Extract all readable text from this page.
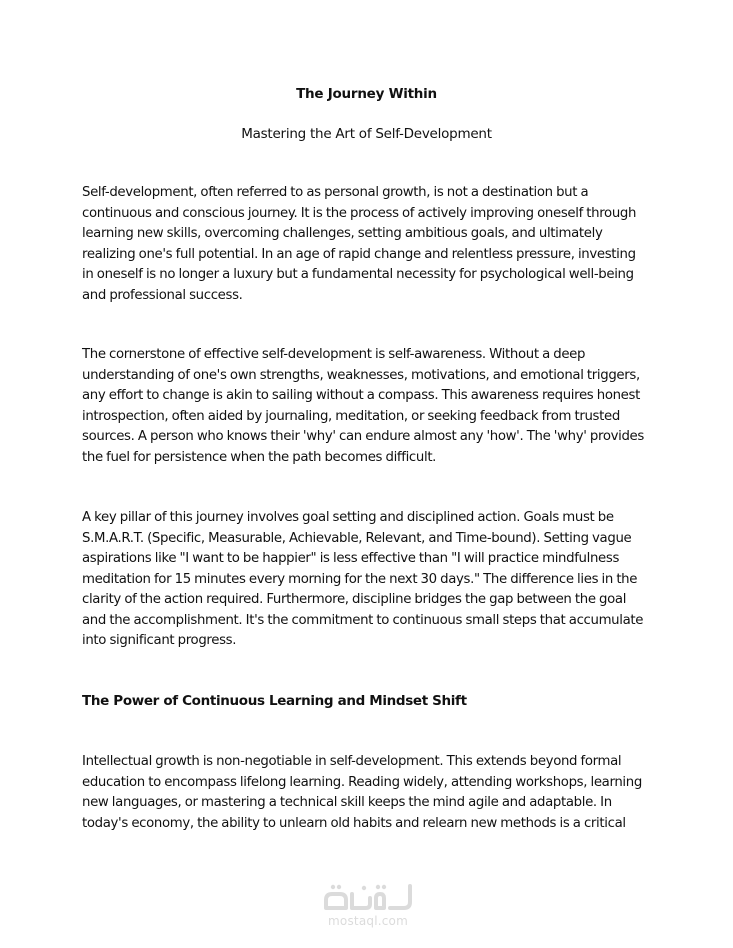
The Journey Within
Mastering the Art of Self-Development

Self-development, often referred to as personal growth, is not a destination but a continuous and conscious journey. It is the process of actively improving oneself through learning new skills, overcoming challenges, setting ambitious goals, and ultimately realizing one's full potential. In an age of rapid change and relentless pressure, investing in oneself is no longer a luxury but a fundamental necessity for psychological well-being and professional success.

The cornerstone of effective self-development is self-awareness. Without a deep understanding of one's own strengths, weaknesses, motivations, and emotional triggers, any effort to change is akin to sailing without a compass. This awareness requires honest introspection, often aided by journaling, meditation, or seeking feedback from trusted sources. A person who knows their 'why' can endure almost any 'how'. The 'why' provides the fuel for persistence when the path becomes difficult.

A key pillar of this journey involves goal setting and disciplined action. Goals must be S.M.A.R.T. (Specific, Measurable, Achievable, Relevant, and Time-bound). Setting vague aspirations like "I want to be happier" is less effective than "I will practice mindfulness meditation for 15 minutes every morning for the next 30 days." The difference lies in the clarity of the action required. Furthermore, discipline bridges the gap between the goal and the accomplishment. It's the commitment to continuous small steps that accumulate into significant progress.

The Power of Continuous Learning and Mindset Shift

Intellectual growth is non-negotiable in self-development. This extends beyond formal education to encompass lifelong learning. Reading widely, attending workshops, learning new languages, or mastering a technical skill keeps the mind agile and adaptable. In today's economy, the ability to unlearn old habits and relearn new methods is a critical

mostaql.com
